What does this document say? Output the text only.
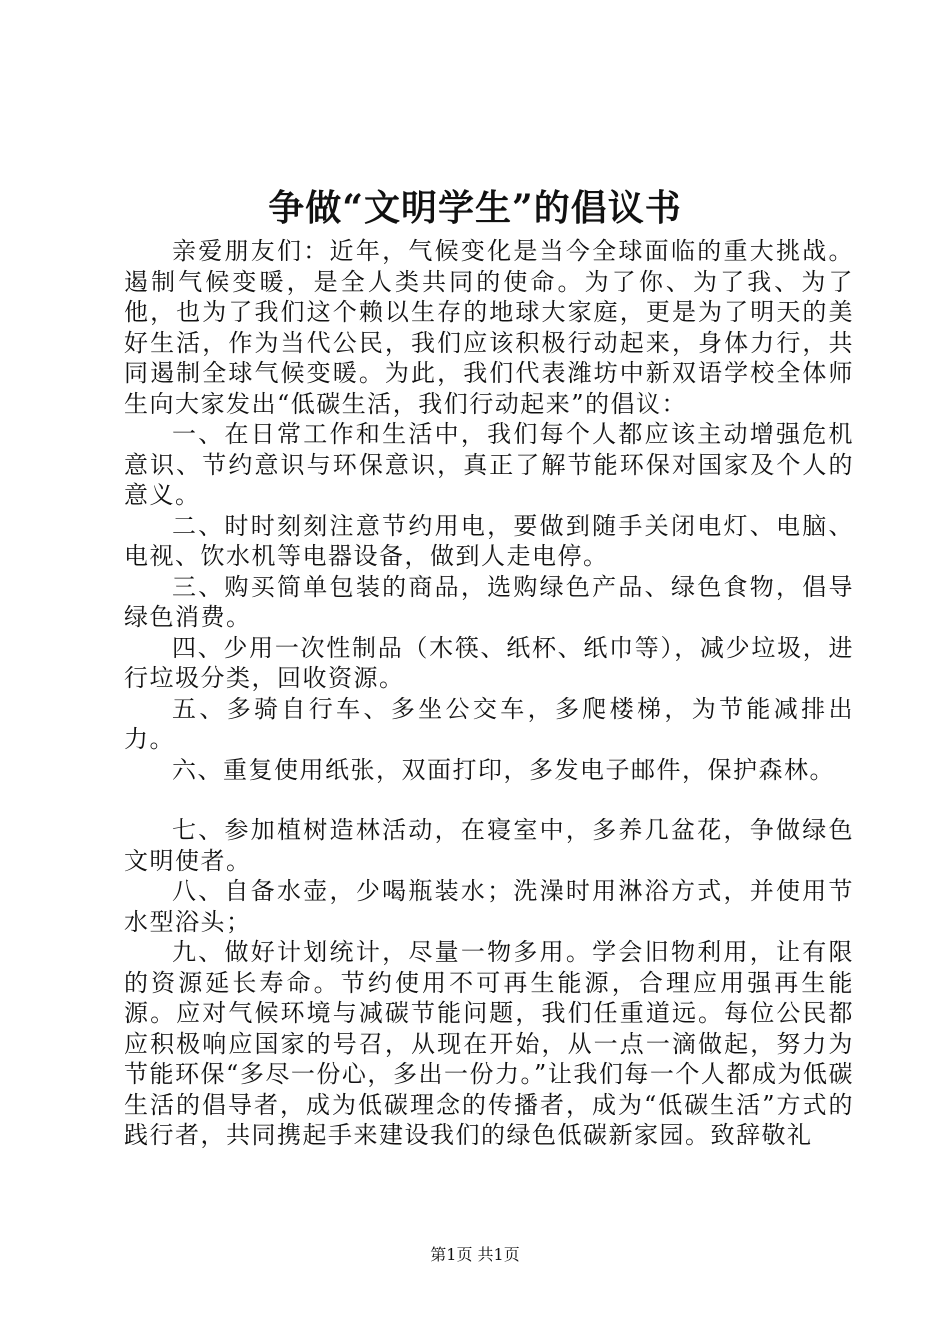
争做“文明学生”的倡议书

亲爱朋友们：近年，气候变化是当今全球面临的重大挑战。遏制气候变暖，是全人类共同的使命。为了你、为了我、为了他，也为了我们这个赖以生存的地球大家庭，更是为了明天的美好生活，作为当代公民，我们应该积极行动起来，身体力行，共同遏制全球气候变暖。为此，我们代表潍坊中新双语学校全体师生向大家发出“低碳生活，我们行动起来”的倡议：

一、在日常工作和生活中，我们每个人都应该主动增强危机意识、节约意识与环保意识，真正了解节能环保对国家及个人的意义。

二、时时刻刻注意节约用电，要做到随手关闭电灯、电脑、电视、饮水机等电器设备，做到人走电停。

三、购买简单包装的商品，选购绿色产品、绿色食物，倡导绿色消费。

四、少用一次性制品（木筷、纸杯、纸巾等），减少垃圾，进行垃圾分类，回收资源。

五、多骑自行车、多坐公交车，多爬楼梯，为节能减排出力。

六、重复使用纸张，双面打印，多发电子邮件，保护森林。

七、参加植树造林活动，在寝室中，多养几盆花，争做绿色文明使者。

八、自备水壶，少喝瓶装水；洗澡时用淋浴方式，并使用节水型浴头；

九、做好计划统计，尽量一物多用。学会旧物利用，让有限的资源延长寿命。节约使用不可再生能源，合理应用强再生能源。应对气候环境与减碳节能问题，我们任重道远。每位公民都应积极响应国家的号召，从现在开始，从一点一滴做起，努力为节能环保“多尽一份心，多出一份力。”让我们每一个人都成为低碳生活的倡导者，成为低碳理念的传播者，成为“低碳生活”方式的践行者，共同携起手来建设我们的绿色低碳新家园。致辞敬礼

第1页 共1页
